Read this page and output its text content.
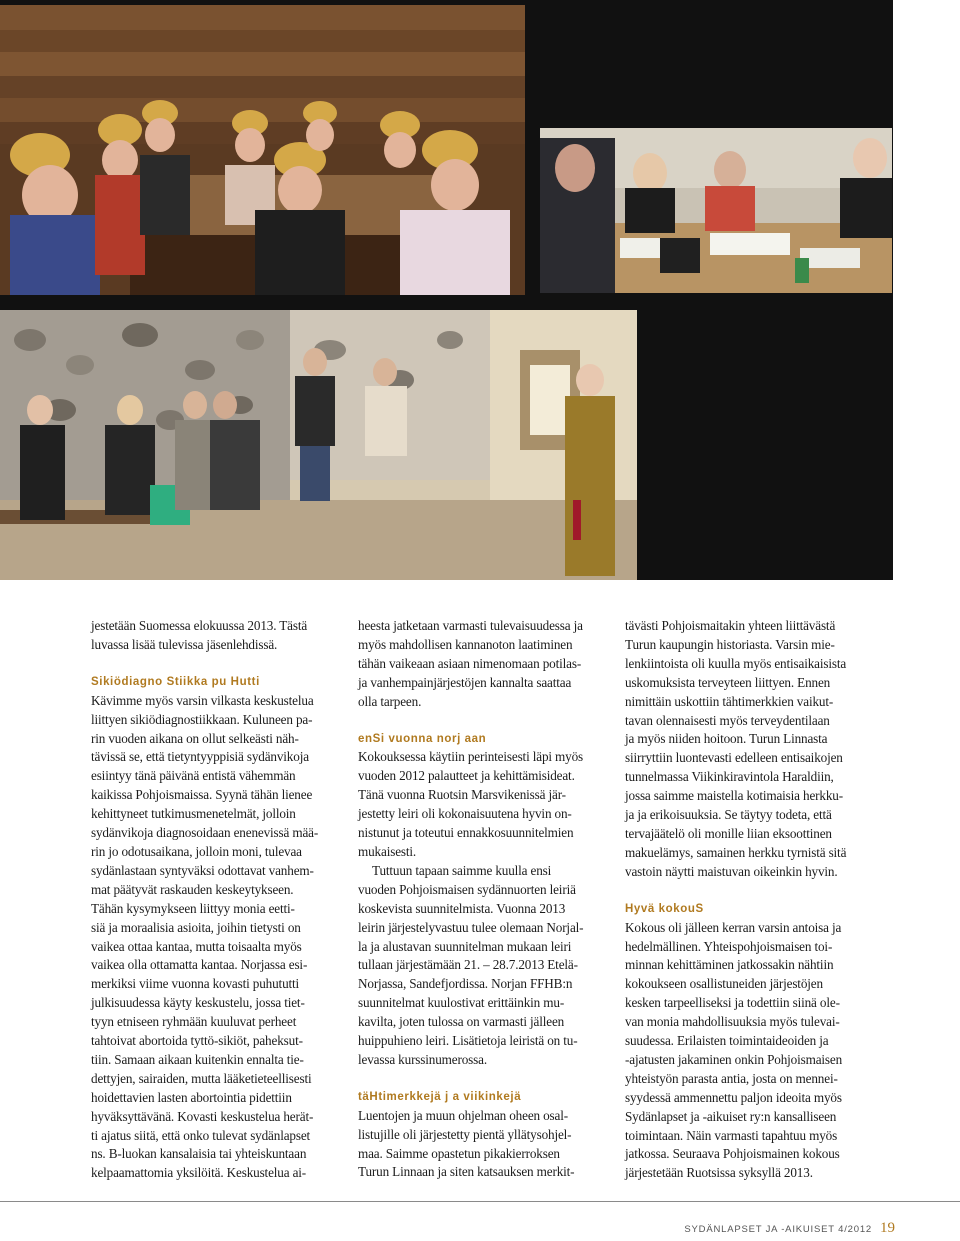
jestetään Suomessa elokuussa 2013. Tästä
luvassa lisää tulevissa jäsenlehdissä.

Sikiödiagno Stiikka pu Hutti

Kävimme myös varsin vilkasta keskustelua
liittyen sikiödiagnostiikkaan. Kuluneen pa-
rin vuoden aikana on ollut selkeästi näh-
tävissä se, että tietyntyyppisiä sydänvikoja
esiintyy tänä päivänä entistä vähemmän
kaikissa Pohjoismaissa. Syynä tähän lienee
kehittyneet tutkimusmenetelmät, jolloin
sydänvikoja diagnosoidaan enenevissä mää-
rin jo odotusaikana, jolloin moni, tulevaa
sydänlastaan syntyväksi odottavat vanhem-
mat päätyvät raskauden keskeytykseen.
Tähän kysymykseen liittyy monia eetti-
siä ja moraalisia asioita, joihin tietysti on
vaikea ottaa kantaa, mutta toisaalta myös
vaikea olla ottamatta kantaa. Norjassa esi-
merkiksi viime vuonna kovasti puhututti
julkisuudessa käyty keskustelu, jossa tiet-
tyyn etniseen ryhmään kuuluvat perheet
tahtoivat abortoida tyttö-sikiöt, paheksut-
tiin. Samaan aikaan kuitenkin ennalta tie-
dettyjen, sairaiden, mutta lääketieteellisesti
hoidettavien lasten abortointia pidettiin
hyväksyttävänä. Kovasti keskustelua herät-
ti ajatus siitä, että onko tulevat sydänlapset
ns. B-luokan kansalaisia tai yhteiskuntaan
kelpaamattomia yksilöitä. Keskustelua ai-

heesta jatketaan varmasti tulevaisuudessa ja
myös mahdollisen kannanoton laatiminen
tähän vaikeaan asiaan nimenomaan potilas-
ja vanhempainjärjestöjen kannalta saattaa
olla tarpeen.

enSi vuonna norj aan

Kokouksessa käytiin perinteisesti läpi myös
vuoden 2012 palautteet ja kehittämisideat.
Tänä vuonna Ruotsin Marsvikenissä jär-
jestetty leiri oli kokonaisuutena hyvin on-
nistunut ja toteutui ennakkosuunnitelmien
mukaisesti.

Tuttuun tapaan saimme kuulla ensi
vuoden Pohjoismaisen sydännuorten leiriä
koskevista suunnitelmista. Vuonna 2013
leirin järjestelyvastuu tulee olemaan Norjal-
la ja alustavan suunnitelman mukaan leiri
tullaan järjestämään 21. – 28.7.2013 Etelä-
Norjassa, Sandefjordissa. Norjan FFHB:n
suunnitelmat kuulostivat erittäinkin mu-
kavilta, joten tulossa on varmasti jälleen
huippuhieno leiri. Lisätietoja leiristä on tu-
levassa kurssinumerossa.

täHtimerkkejä j a viikinkejä

Luentojen ja muun ohjelman oheen osal-
listujille oli järjestetty pientä yllätysohjel-
maa. Saimme opastetun pikakierroksen
Turun Linnaan ja siten katsauksen merkit-

tävästi Pohjoismaitakin yhteen liittävästä
Turun kaupungin historiasta. Varsin mie-
lenkiintoista oli kuulla myös entisaikaisista
uskomuksista terveyteen liittyen. Ennen
nimittäin uskottiin tähtimerkkien vaikut-
tavan olennaisesti myös terveydentilaan
ja myös niiden hoitoon. Turun Linnasta
siirryttiin luontevasti edelleen entisaikojen
tunnelmassa Viikinkiravintola Haraldiin,
jossa saimme maistella kotimaisia herkku-
ja ja erikoisuuksia. Se täytyy todeta, että
tervajäätelö oli monille liian eksoottinen
makuelämys, samainen herkku tyrnistä sitä
vastoin näytti maistuvan oikeinkin hyvin.

Hyvä kokouS

Kokous oli jälleen kerran varsin antoisa ja
hedelmällinen. Yhteispohjoismaisen toi-
minnan kehittäminen jatkossakin nähtiin
kokoukseen osallistuneiden järjestöjen
kesken tarpeelliseksi ja todettiin siinä ole-
van monia mahdollisuuksia myös tulevai-
suudessa. Erilaisten toimintaideoiden ja
-ajatusten jakaminen onkin Pohjoismaisen
yhteistyön parasta antia, josta on mennei-
syydessä ammennettu paljon ideoita myös
Sydänlapset ja -aikuiset ry:n kansalliseen
toimintaan. Näin varmasti tapahtuu myös
jatkossa. Seuraava Pohjoismainen kokous
järjestetään Ruotsissa syksyllä 2013.

SYDÄNLAPSET JA -AIKUISET 4/2012 19
